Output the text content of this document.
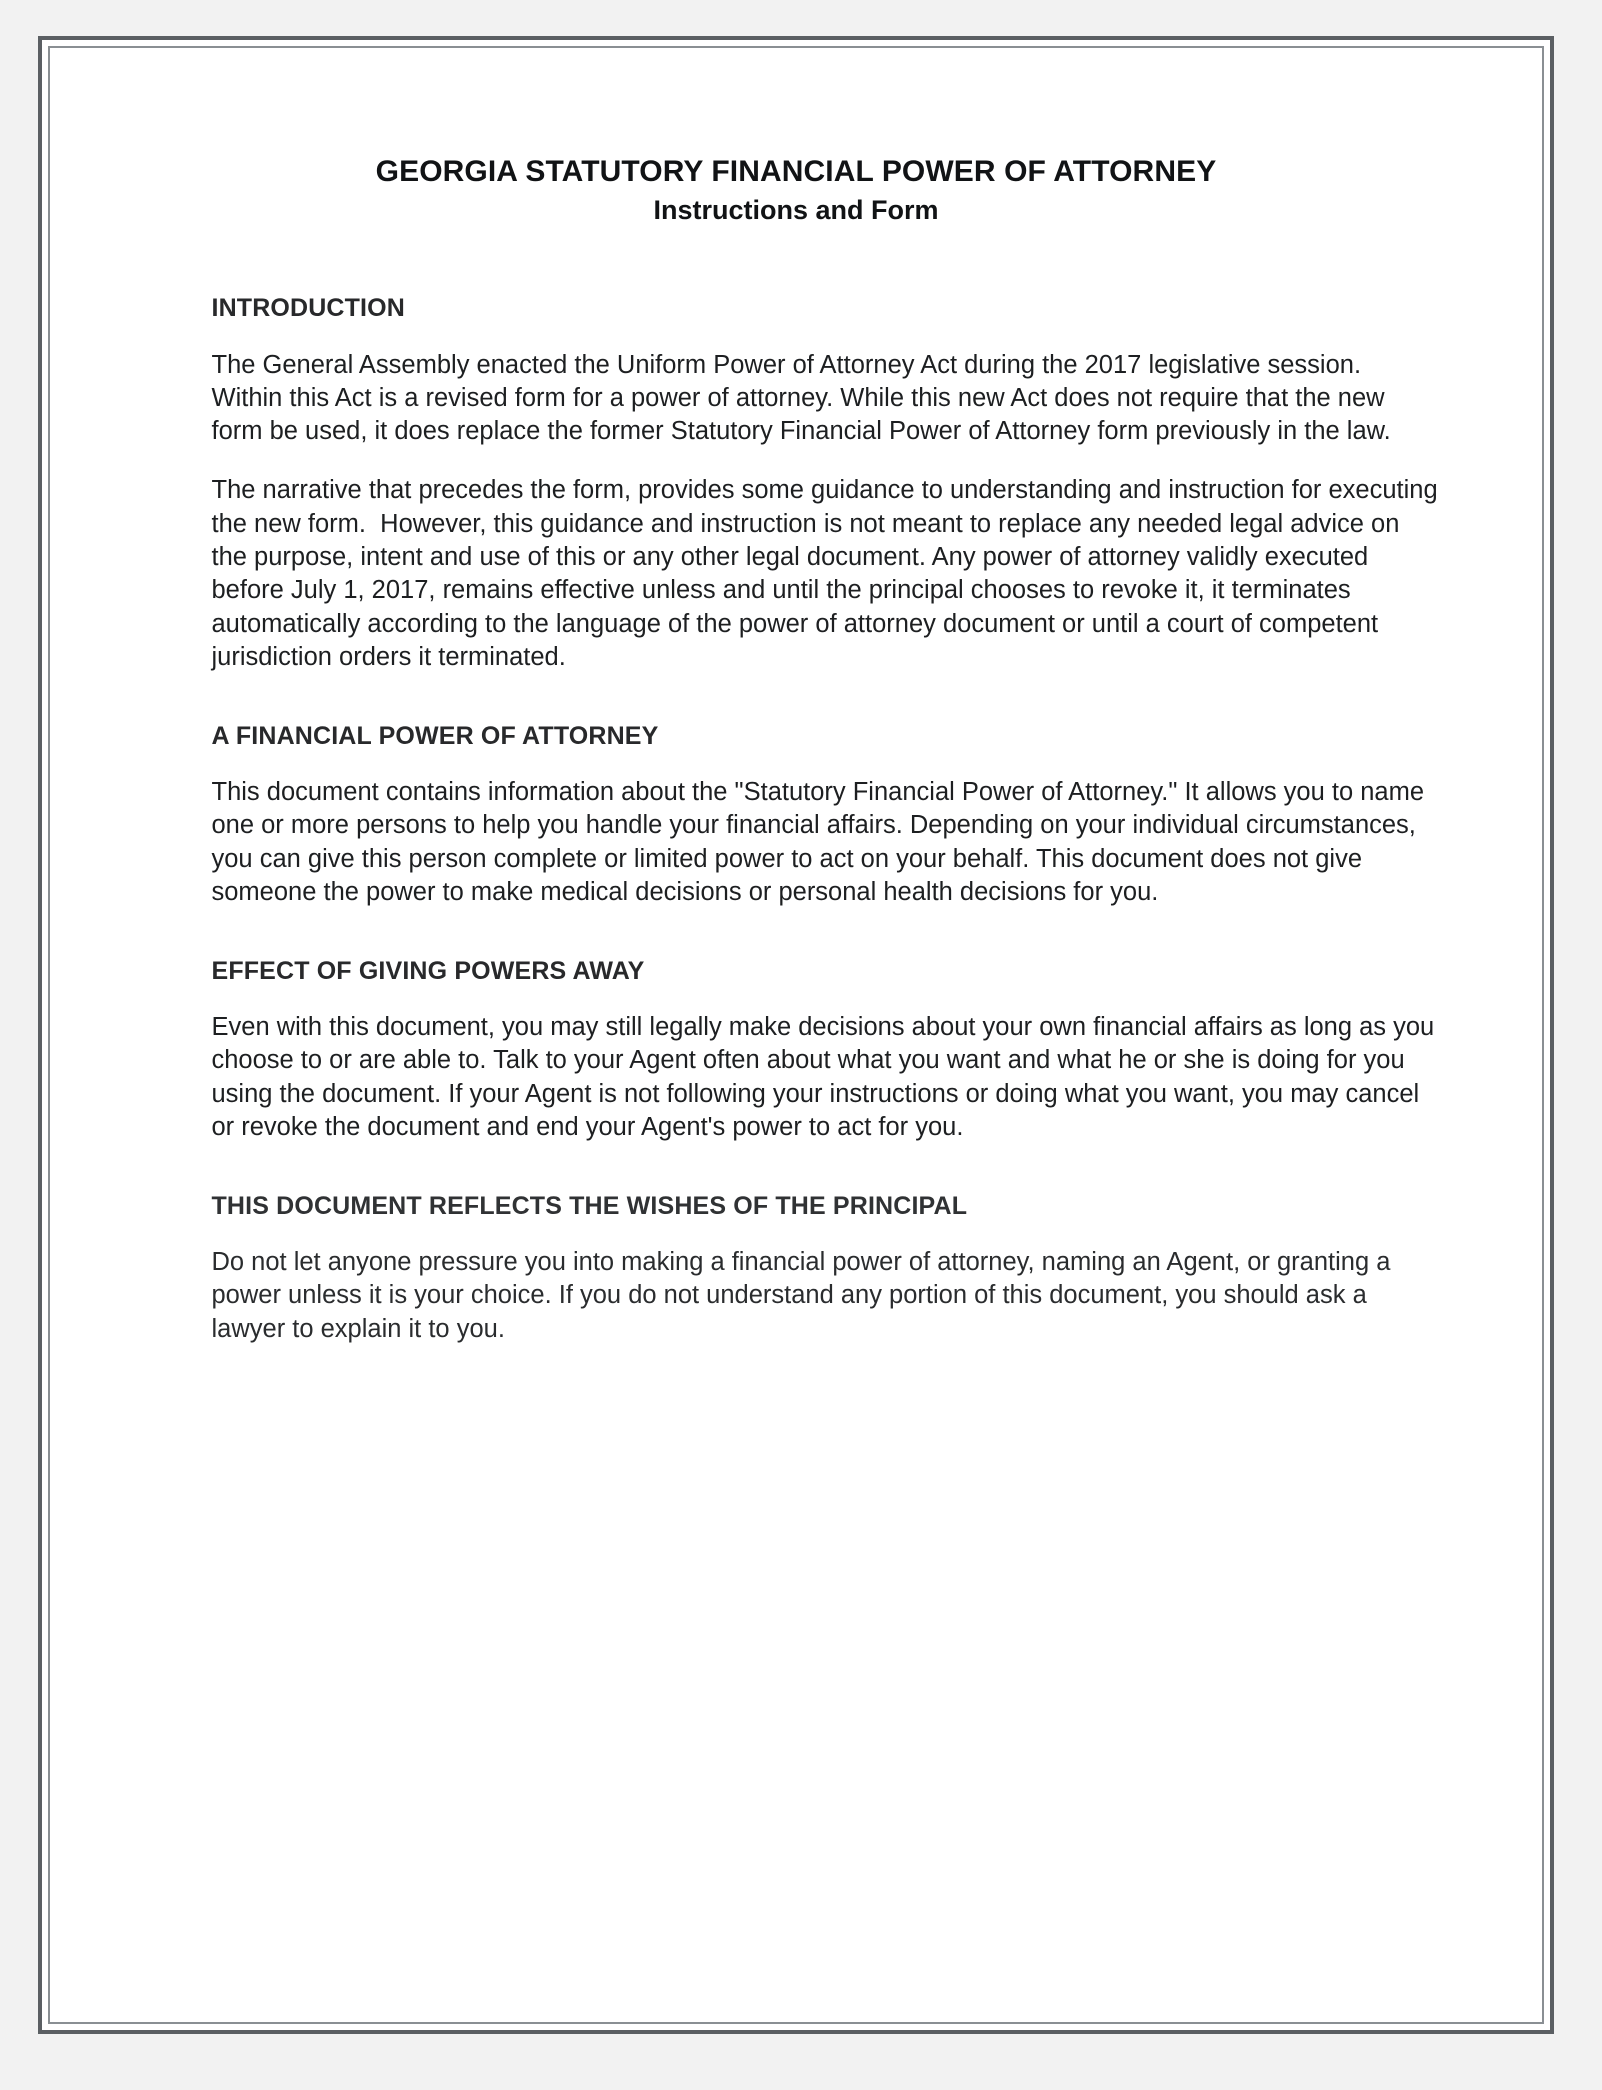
GEORGIA STATUTORY FINANCIAL POWER OF ATTORNEY
Instructions and Form
INTRODUCTION

The General Assembly enacted the Uniform Power of Attorney Act during the 2017 legislative session. Within this Act is a revised form for a power of attorney. While this new Act does not require that the new form be used, it does replace the former Statutory Financial Power of Attorney form previously in the law.

The narrative that precedes the form, provides some guidance to understanding and instruction for executing the new form.  However, this guidance and instruction is not meant to replace any needed legal advice on the purpose, intent and use of this or any other legal document. Any power of attorney validly executed before July 1, 2017, remains effective unless and until the principal chooses to revoke it, it terminates automatically according to the language of the power of attorney document or until a court of competent jurisdiction orders it terminated.

A FINANCIAL POWER OF ATTORNEY

This document contains information about the "Statutory Financial Power of Attorney." It allows you to name one or more persons to help you handle your financial affairs. Depending on your individual circumstances, you can give this person complete or limited power to act on your behalf. This document does not give someone the power to make medical decisions or personal health decisions for you.

EFFECT OF GIVING POWERS AWAY

Even with this document, you may still legally make decisions about your own financial affairs as long as you choose to or are able to. Talk to your Agent often about what you want and what he or she is doing for you using the document. If your Agent is not following your instructions or doing what you want, you may cancel or revoke the document and end your Agent's power to act for you.

THIS DOCUMENT REFLECTS THE WISHES OF THE PRINCIPAL

Do not let anyone pressure you into making a financial power of attorney, naming an Agent, or granting a power unless it is your choice. If you do not understand any portion of this document, you should ask a lawyer to explain it to you.
